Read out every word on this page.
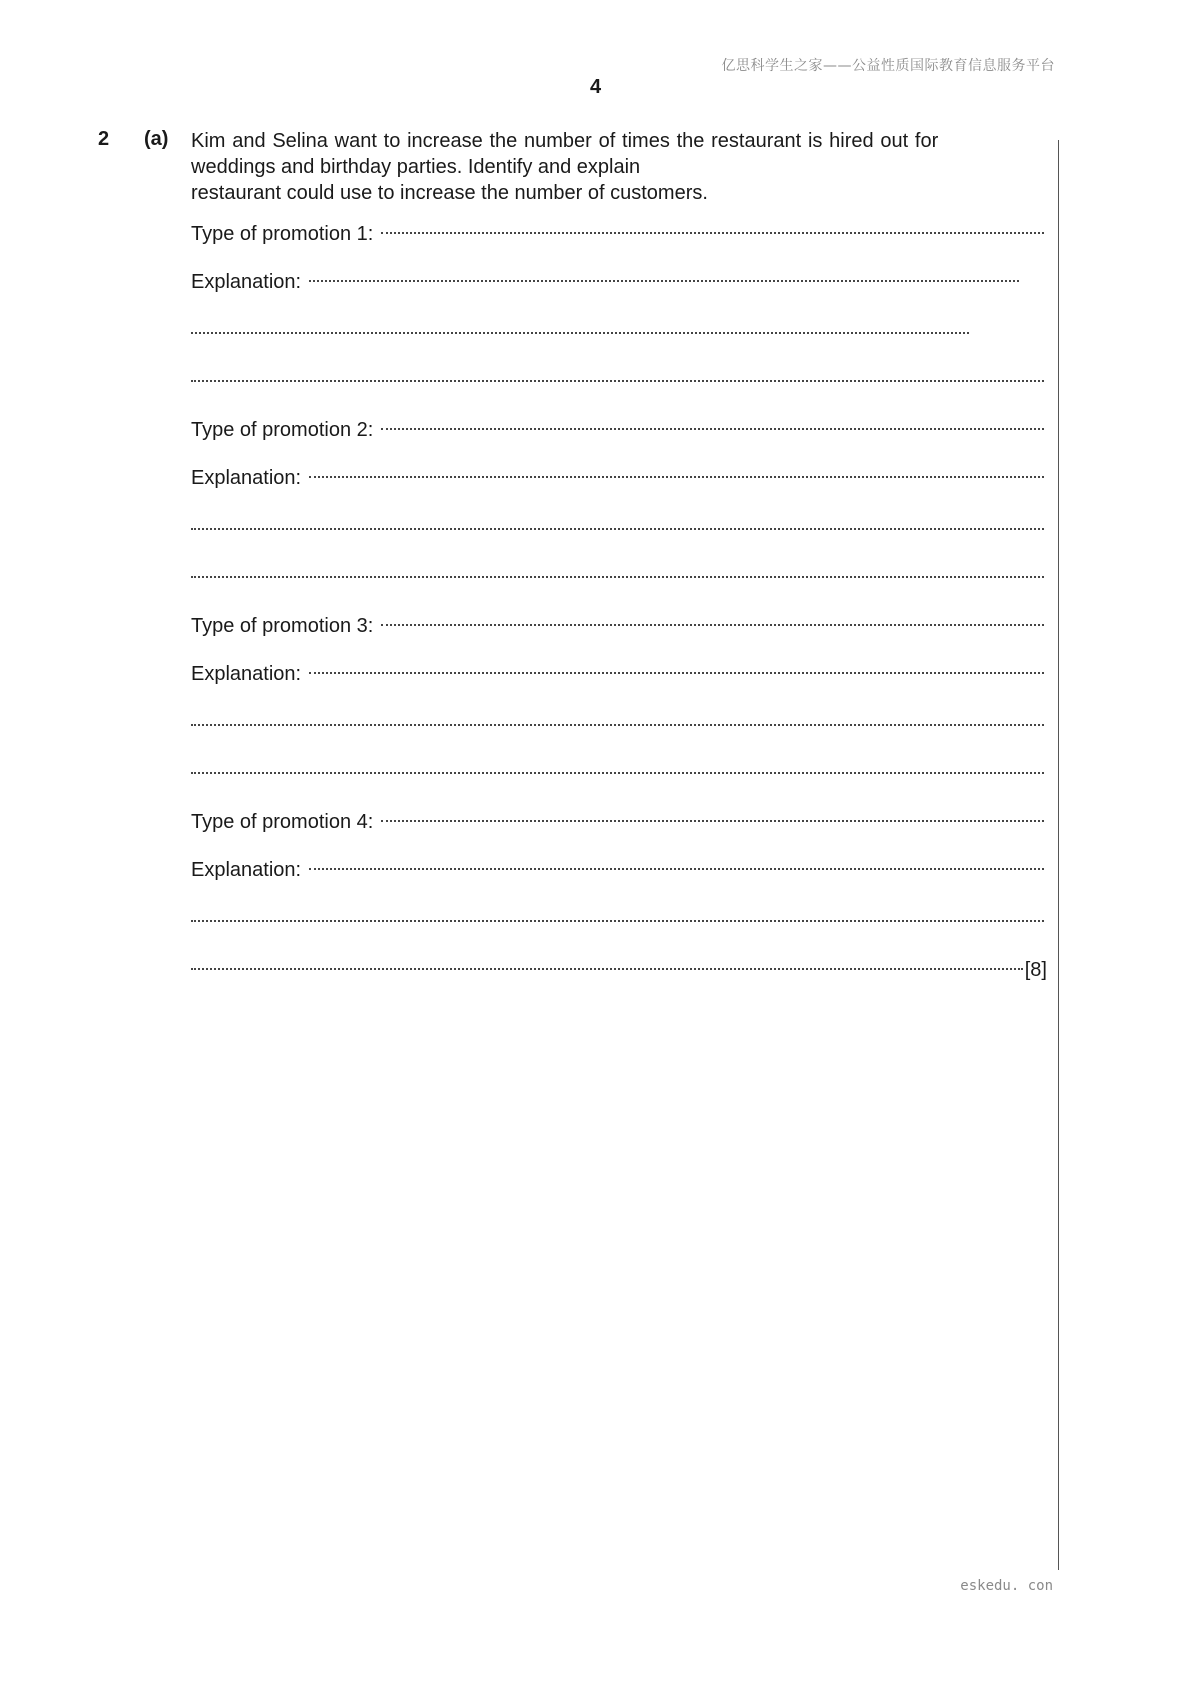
亿思科学生之家——公益性质国际教育信息服务平台
4
2 (a) Kim and Selina want to increase the number of times the restaurant is hired out for
weddings and birthday parties. Identify and explain
restaurant could use to increase the number of customers.
Type of promotion 1:
Explanation:
Type of promotion 2:
Explanation:
Type of promotion 3:
Explanation:
Type of promotion 4:
Explanation:
[8]
eskedu. con
